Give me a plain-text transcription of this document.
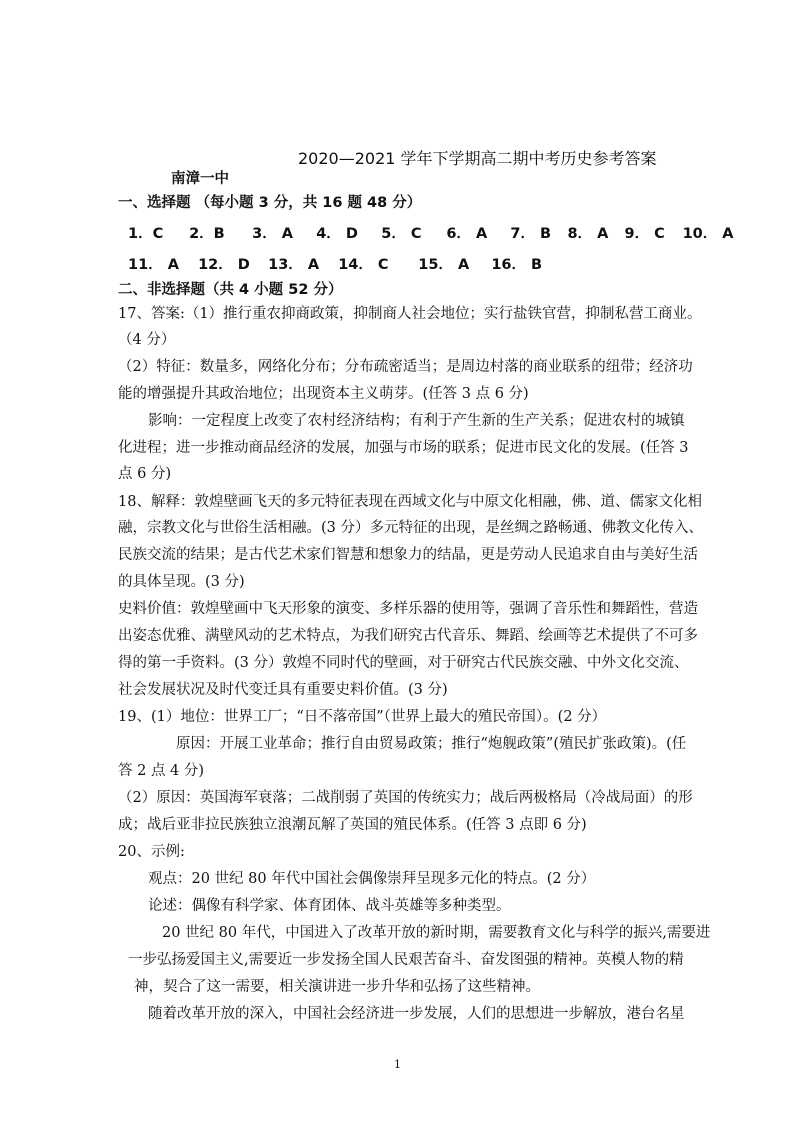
2020—2021 学年下学期高二期中考历史参考答案
南漳一中
一、选择题 （每小题 3 分，共 16 题 48 分）
1．C 2．B 3． A 4． D 5． C 6． A 7． B 8． A 9． C 10． A
11． A 12． D 13． A 14． C 15． A 16． B
二、非选择题（共 4 小题 52 分）
17、答案:（1）推行重农抑商政策，抑制商人社会地位；实行盐铁官营，抑制私营工商业。
（4 分）
（2）特征：数量多，网络化分布；分布疏密适当；是周边村落的商业联系的纽带；经济功
能的增强提升其政治地位；出现资本主义萌芽。(任答 3 点 6 分)
影响：一定程度上改变了农村经济结构；有利于产生新的生产关系；促进农村的城镇
化进程；进一步推动商品经济的发展，加强与市场的联系；促进市民文化的发展。(任答 3
点 6 分)
18、解释：敦煌壁画飞天的多元特征表现在西域文化与中原文化相融，佛、道、儒家文化相
融，宗教文化与世俗生活相融。(3 分）多元特征的出现，是丝绸之路畅通、佛教文化传入、
民族交流的结果；是古代艺术家们智慧和想象力的结晶，更是劳动人民追求自由与美好生活
的具体呈现。(3 分)
史料价值：敦煌壁画中飞天形象的演变、多样乐器的使用等，强调了音乐性和舞蹈性，营造
出姿态优雅、满壁风动的艺术特点，为我们研究古代音乐、舞蹈、绘画等艺术提供了不可多
得的第一手资料。(3 分）敦煌不同时代的壁画，对于研究古代民族交融、中外文化交流、
社会发展状况及时代变迁具有重要史料价值。(3 分)
19、(1）地位：世界工厂；“日不落帝国”（世界上最大的殖民帝国）。(2 分）
原因：开展工业革命；推行自由贸易政策；推行“炮舰政策”(殖民扩张政策)。(任
答 2 点 4 分)
（2）原因：英国海军衰落；二战削弱了英国的传统实力；战后两极格局（冷战局面）的形
成；战后亚非拉民族独立浪潮瓦解了英国的殖民体系。(任答 3 点即 6 分)
20、示例:
观点：20 世纪 80 年代中国社会偶像崇拜呈现多元化的特点。(2 分）
论述：偶像有科学家、体育团体、战斗英雄等多种类型。
20 世纪 80 年代，中国进入了改革开放的新时期，需要教育文化与科学的振兴,需要进
一步弘扬爱国主义,需要近一步发扬全国人民艰苦奋斗、奋发图强的精神。英模人物的精
神，契合了这一需要，相关演讲进一步升华和弘扬了这些精神。
随着改革开放的深入，中国社会经济进一步发展，人们的思想进一步解放，港台名星
1
